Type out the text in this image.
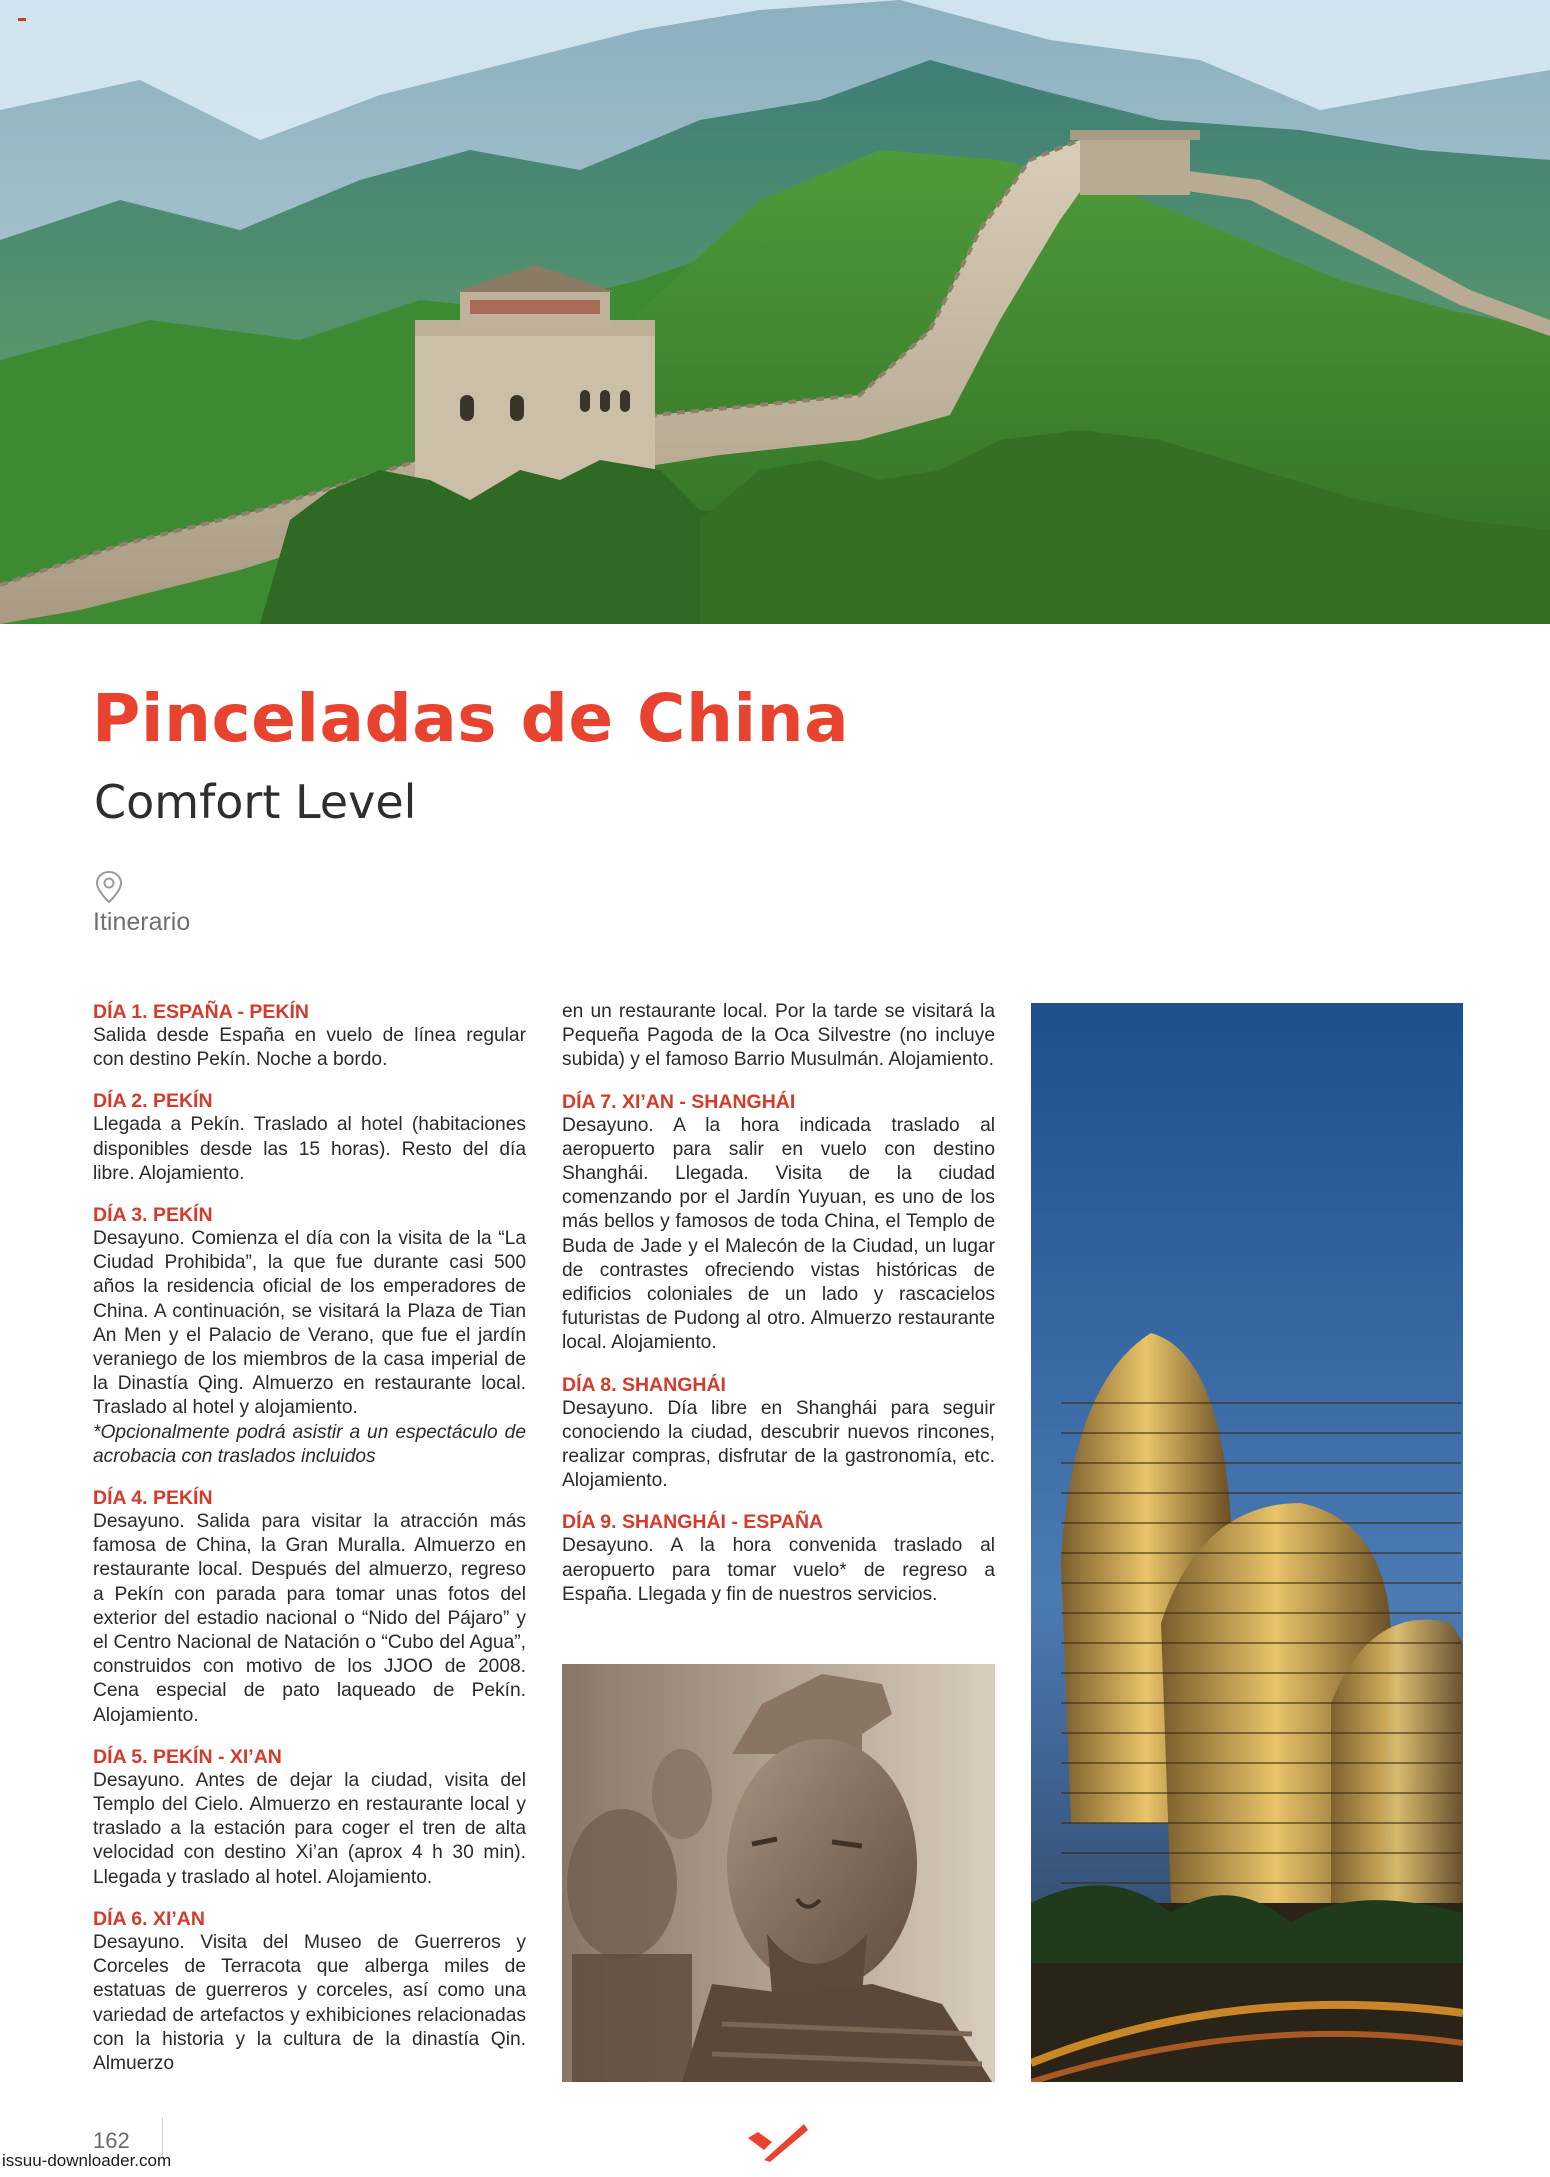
Pinceladas de China
Comfort Level
Itinerario
DÍA 1. ESPAÑA - PEKÍN

Salida desde España en vuelo de línea regular con destino Pekín. Noche a bordo.

DÍA 2. PEKÍN

Llegada a Pekín. Traslado al hotel (habitaciones disponibles desde las 15 horas). Resto del día libre. Alojamiento.

DÍA 3. PEKÍN

Desayuno. Comienza el día con la visita de la “La Ciudad Prohibida”, la que fue durante casi 500 años la residencia oficial de los emperadores de China. A continuación, se visitará la Plaza de Tian An Men y el Palacio de Verano, que fue el jardín veraniego de los miembros de la casa imperial de la Dinastía Qing. Almuerzo en restaurante local. Traslado al hotel y alojamiento.

*Opcionalmente podrá asistir a un espectáculo de acrobacia con traslados incluidos

DÍA 4. PEKÍN

Desayuno. Salida para visitar la atracción más famosa de China, la Gran Muralla. Almuerzo en restaurante local. Después del almuerzo, regreso a Pekín con parada para tomar unas fotos del exterior del estadio nacional o “Nido del Pájaro” y el Centro Nacional de Natación o “Cubo del Agua”, construidos con motivo de los JJOO de 2008. Cena especial de pato laqueado de Pekín. Alojamiento.

DÍA 5. PEKÍN - XI’AN

Desayuno. Antes de dejar la ciudad, visita del Templo del Cielo. Almuerzo en restaurante local y traslado a la estación para coger el tren de alta velocidad con destino Xi’an (aprox 4 h 30 min). Llegada y traslado al hotel. Alojamiento.

DÍA 6. XI’AN

Desayuno. Visita del Museo de Guerreros y Corceles de Terracota que alberga miles de estatuas de guerreros y corceles, así como una variedad de artefactos y exhibiciones relacionadas con la historia y la cultura de la dinastía Qin. Almuerzo

en un restaurante local. Por la tarde se visitará la Pequeña Pagoda de la Oca Silvestre (no incluye subida) y el famoso Barrio Musulmán. Alojamiento.

DÍA 7. XI’AN - SHANGHÁI

Desayuno. A la hora indicada traslado al aeropuerto para salir en vuelo con destino Shanghái. Llegada. Visita de la ciudad comenzando por el Jardín Yuyuan, es uno de los más bellos y famosos de toda China, el Templo de Buda de Jade y el Malecón de la Ciudad, un lugar de contrastes ofreciendo vistas históricas de edificios coloniales de un lado y rascacielos futuristas de Pudong al otro. Almuerzo restaurante local. Alojamiento.

DÍA 8. SHANGHÁI

Desayuno. Día libre en Shanghái para seguir conociendo la ciudad, descubrir nuevos rincones, realizar compras, disfrutar de la gastronomía, etc. Alojamiento.

DÍA 9. SHANGHÁI - ESPAÑA

Desayuno. A la hora convenida traslado al aeropuerto para tomar vuelo* de regreso a España. Llegada y fin de nuestros servicios.

162
issuu-downloader.com
